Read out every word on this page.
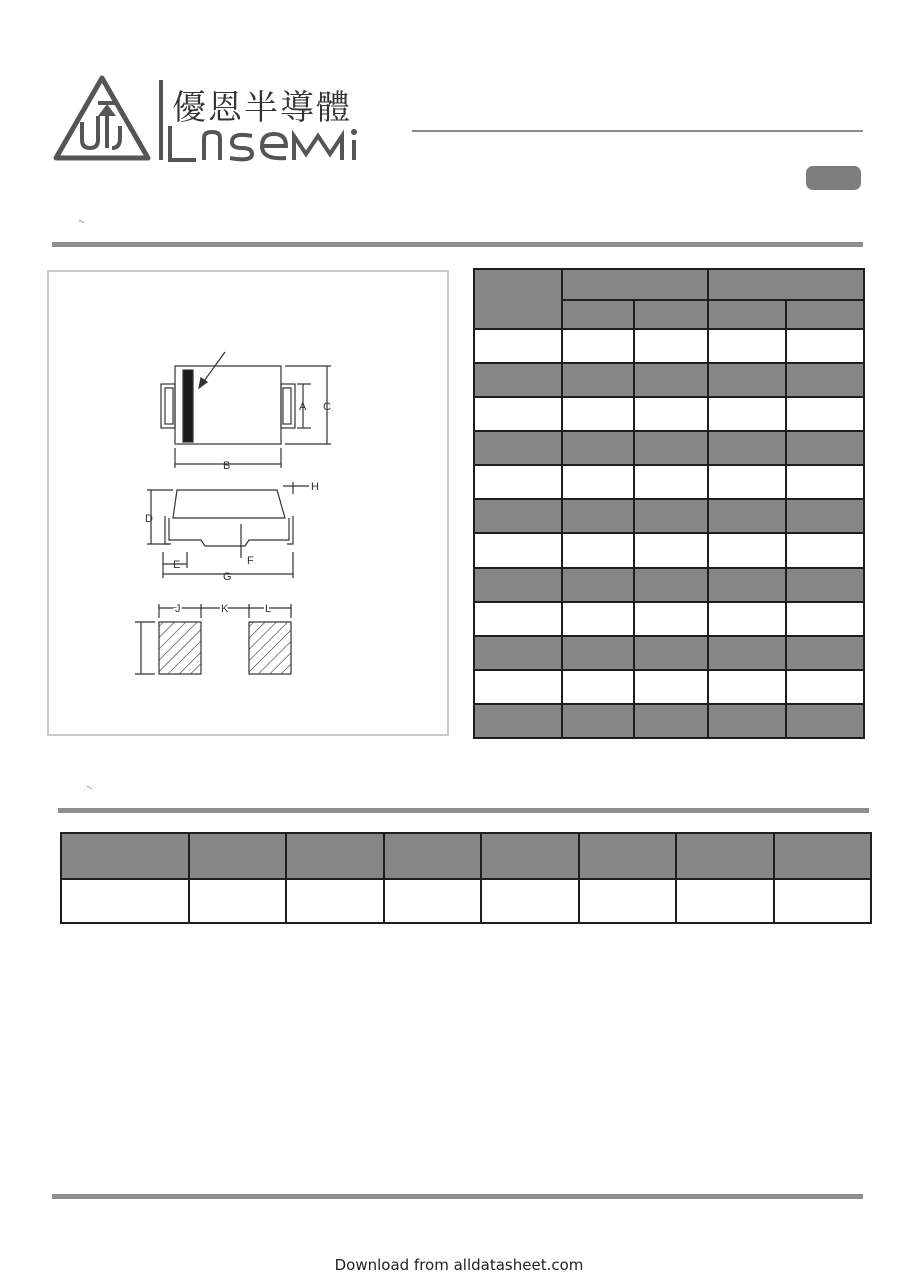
優恩半導體
~
C
A
B
D
E	F
G
H
J	K	L

~

Download from alldatasheet.com
